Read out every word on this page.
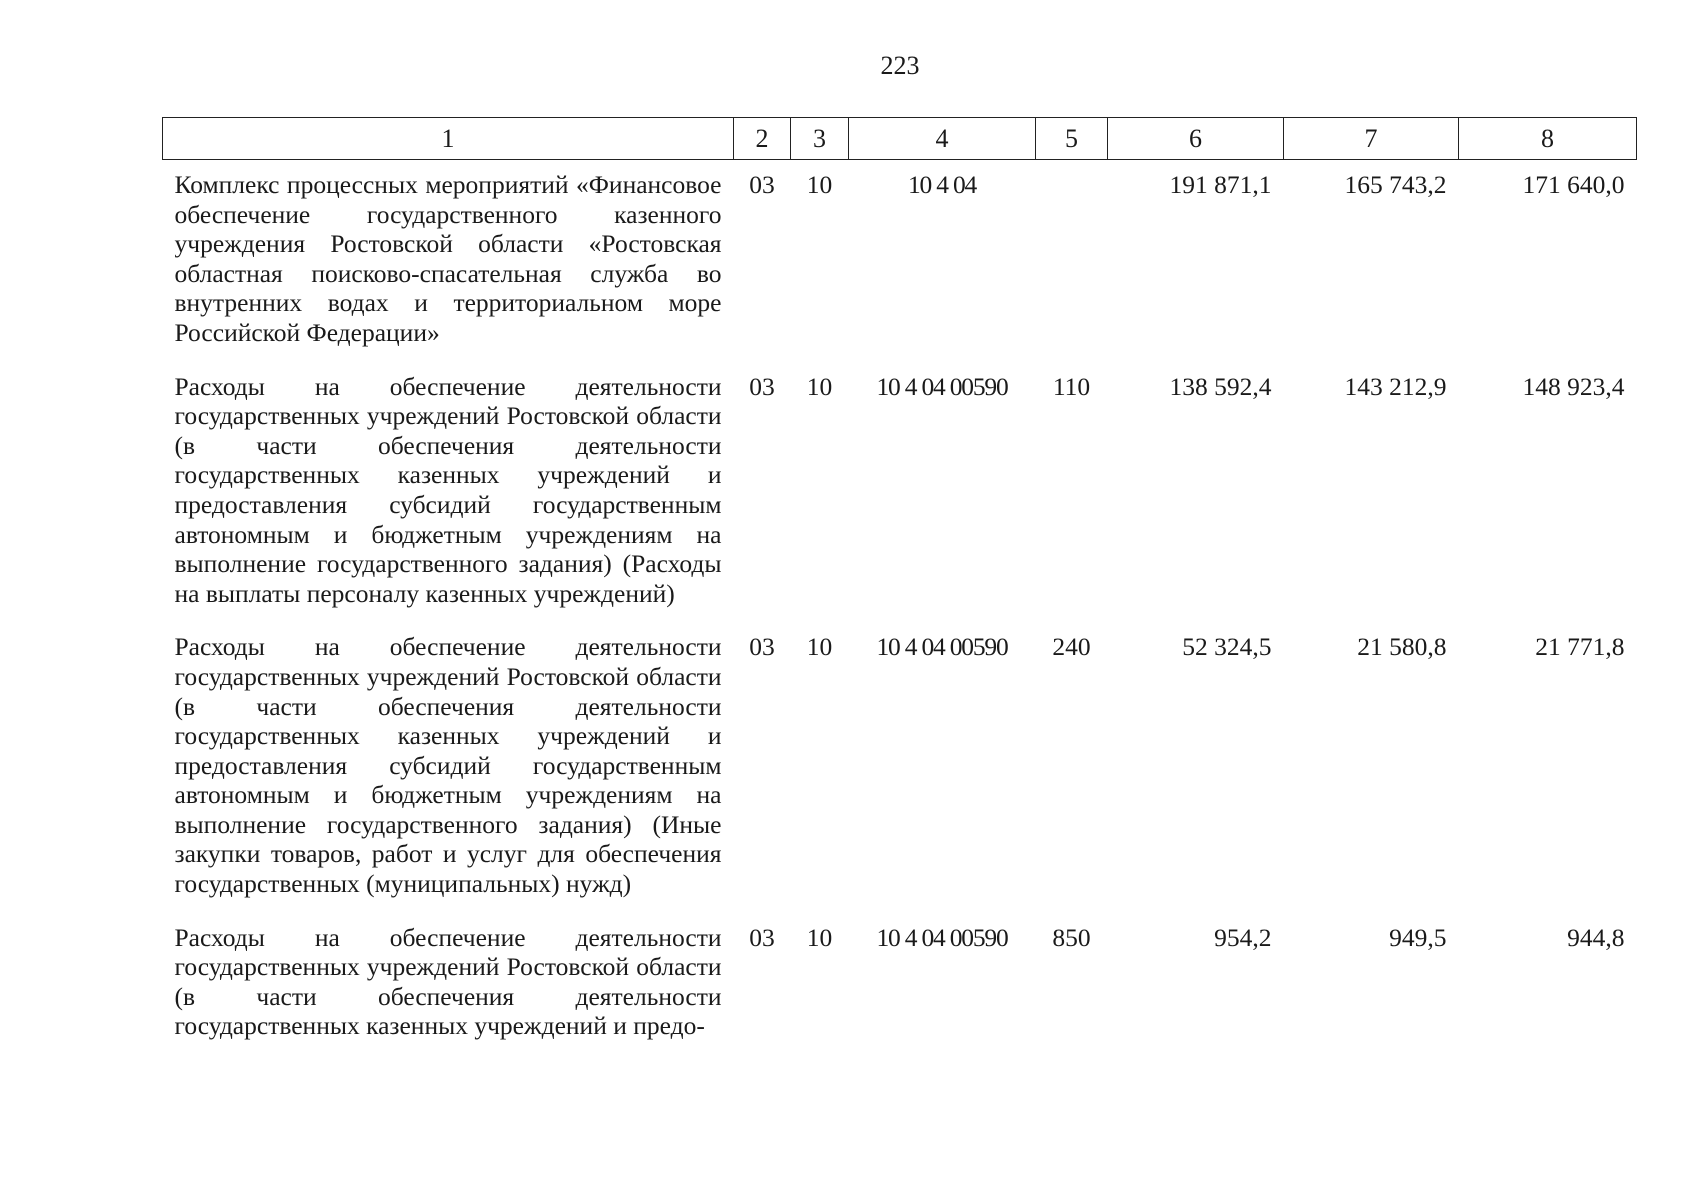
223
1	2	3	4	5	6	7	8
Комплекс процессных мероприятий «Финансовое обеспечение государственного казенного учреждения Ростовской области «Ростовская областная поисково-спасательная служба во внутренних водах и территориальном море Российской Федерации»	03	10	10 4 04		191 871,1	165 743,2	171 640,0
Расходы на обеспечение деятельности государственных учреждений Ростовской области (в части обеспечения деятельности государственных казенных учреждений и предоставления субсидий государственным автономным и бюджетным учреждениям на выполнение государственного задания) (Расходы на выплаты персоналу казенных учреждений)	03	10	10 4 04 00590	110	138 592,4	143 212,9	148 923,4
Расходы на обеспечение деятельности государственных учреждений Ростовской области (в части обеспечения деятельности государственных казенных учреждений и предоставления субсидий государственным автономным и бюджетным учреждениям на выполнение государственного задания) (Иные закупки товаров, работ и услуг для обеспечения государственных (муниципальных) нужд)	03	10	10 4 04 00590	240	52 324,5	21 580,8	21 771,8
Расходы на обеспечение деятельности государственных учреждений Ростовской области (в части обеспечения деятельности государственных казенных учреждений и предо-	03	10	10 4 04 00590	850	954,2	949,5	944,8
